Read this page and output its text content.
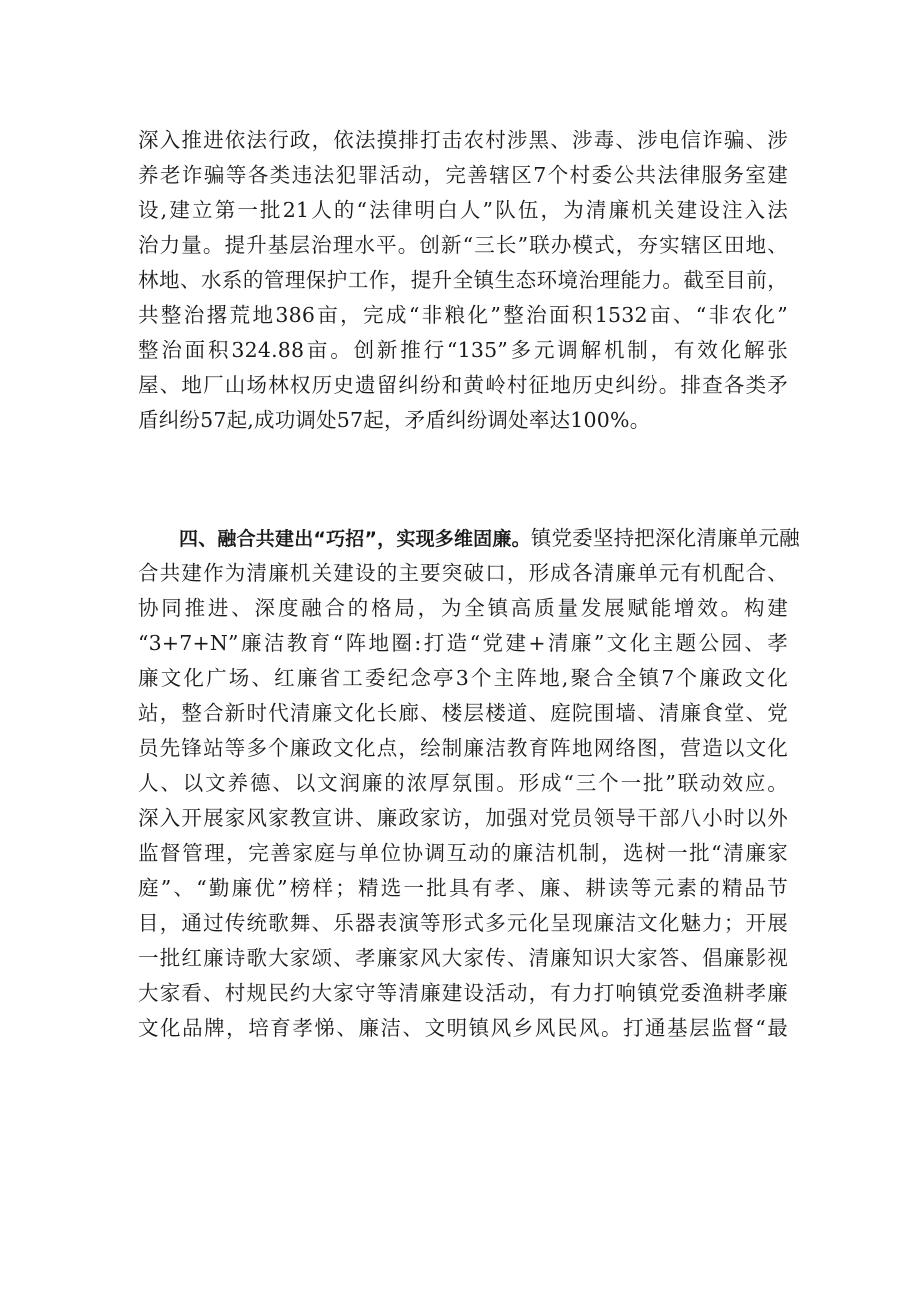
深入推进依法行政，依法摸排打击农村涉黑、涉毒、涉电信诈骗、涉
养老诈骗等各类违法犯罪活动，完善辖区7个村委公共法律服务室建
设,建立第一批21人的“法律明白人”队伍，为清廉机关建设注入法
治力量。提升基层治理水平。创新“三长”联办模式，夯实辖区田地、
林地、水系的管理保护工作，提升全镇生态环境治理能力。截至目前，
共整治撂荒地386亩，完成“非粮化”整治面积1532亩、“非农化”
整治面积324.88亩。创新推行“135”多元调解机制，有效化解张
屋、地厂山场林权历史遗留纠纷和黄岭村征地历史纠纷。排查各类矛
盾纠纷57起,成功调处57起，矛盾纠纷调处率达100%。
四、融合共建出“巧招”，实现多维固廉。镇党委坚持把深化清廉单元融
合共建作为清廉机关建设的主要突破口，形成各清廉单元有机配合、
协同推进、深度融合的格局，为全镇高质量发展赋能增效。构建
“3+7+N”廉洁教育“阵地圈:打造“党建+清廉”文化主题公园、孝
廉文化广场、红廉省工委纪念亭3个主阵地,聚合全镇7个廉政文化
站，整合新时代清廉文化长廊、楼层楼道、庭院围墙、清廉食堂、党
员先锋站等多个廉政文化点，绘制廉洁教育阵地网络图，营造以文化
人、以文养德、以文润廉的浓厚氛围。形成“三个一批”联动效应。
深入开展家风家教宣讲、廉政家访，加强对党员领导干部八小时以外
监督管理，完善家庭与单位协调互动的廉洁机制，选树一批“清廉家
庭”、“勤廉优”榜样；精选一批具有孝、廉、耕读等元素的精品节
目，通过传统歌舞、乐器表演等形式多元化呈现廉洁文化魅力；开展
一批红廉诗歌大家颂、孝廉家风大家传、清廉知识大家答、倡廉影视
大家看、村规民约大家守等清廉建设活动，有力打响镇党委渔耕孝廉
文化品牌，培育孝悌、廉洁、文明镇风乡风民风。打通基层监督“最
